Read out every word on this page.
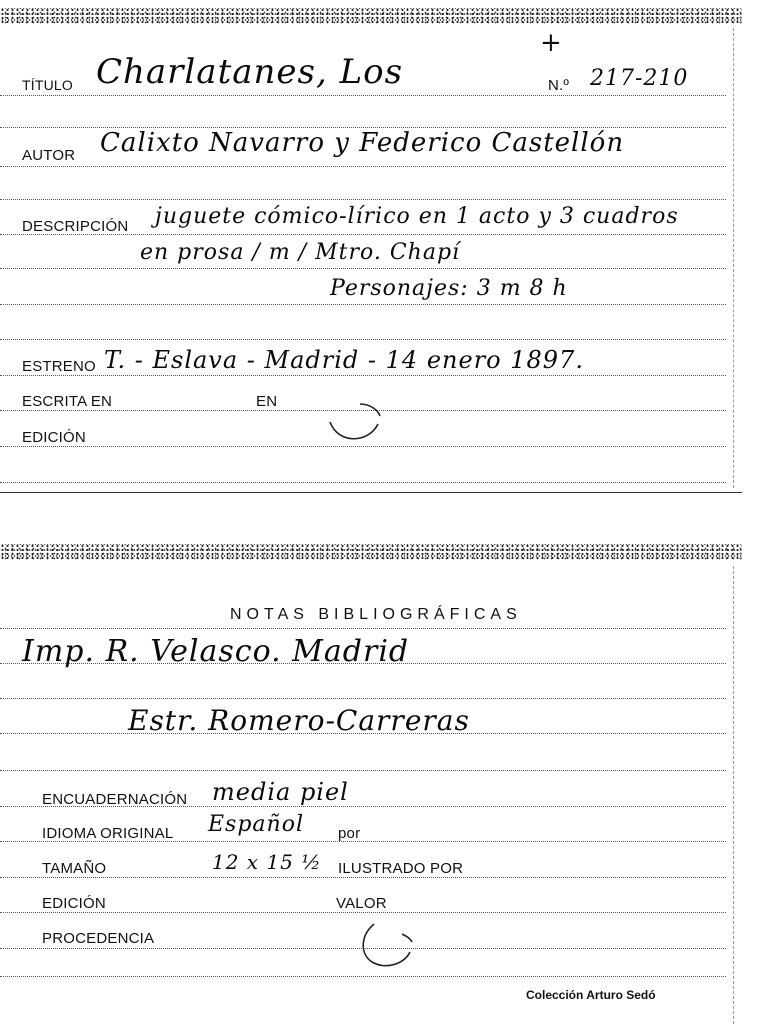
TÍTULO Charlatanes, Los	N.º 217-210
+
AUTOR Calixto Navarro y Federico Castellón
DESCRIPCIÓN juguete cómico-lírico en 1 acto y 3 cuadros
en prosa / m / Mtro. Chapí
Personajes: 3 m 8 h
ESTRENO T. - Eslava - Madrid - 14 enero 1897.
ESCRITA EN	EN
EDICIÓN
NOTAS BIBLIOGRÁFICAS
Imp. R. Velasco. Madrid
Estr. Romero-Carreras
ENCUADERNACIÓN media piel
IDIOMA ORIGINAL Español por
TAMAÑO	12 x 15 ½ ILUSTRADO POR
EDICIÓN	VALOR
PROCEDENCIA
Colección Arturo Sedó
